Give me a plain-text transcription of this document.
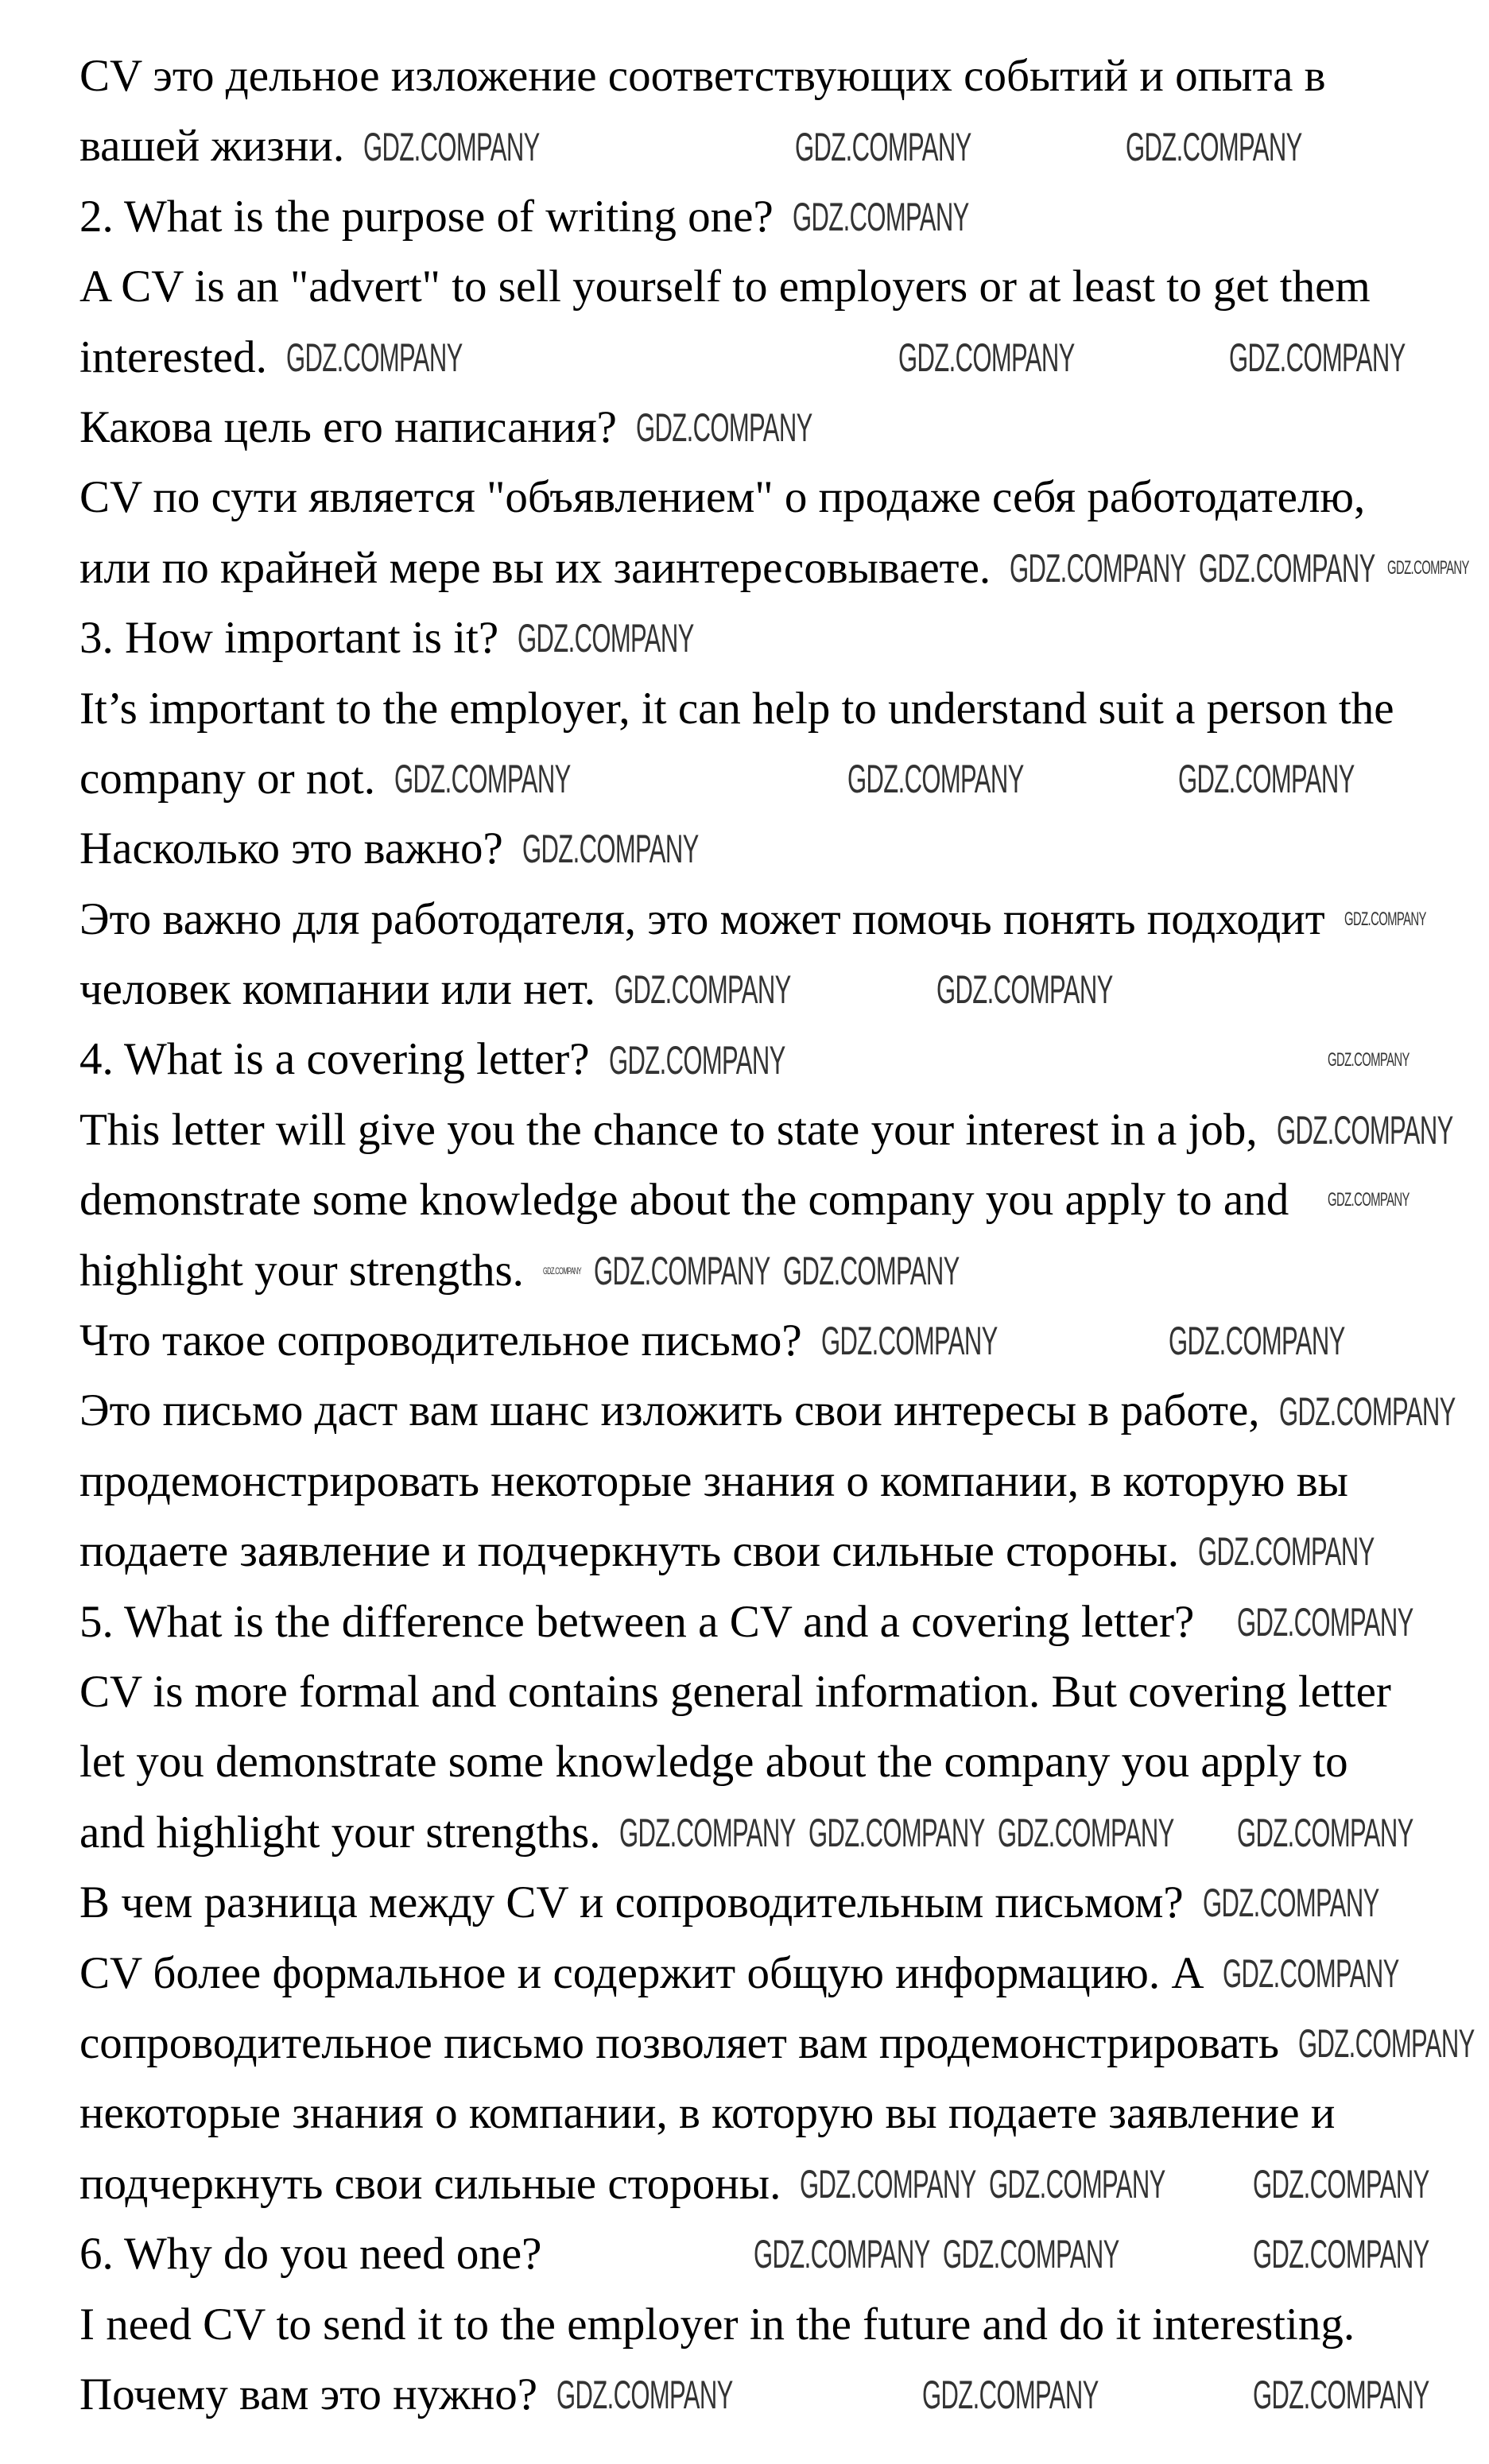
CV это дельное изложение соответствующих событий и опыта в
вашей жизни.
2. What is the purpose of writing one?
A CV is an "advert" to sell yourself to employers or at least to get them
interested.
Какова цель его написания?
CV по сути является "объявлением" о продаже себя работодателю,
или по крайней мере вы их заинтересовываете.
3. How important is it?
It’s important to the employer, it can help to understand suit a person the
company or not.
Насколько это важно?
Это важно для работодателя, это может помочь понять подходит
человек компании или нет.
4. What is a covering letter?
This letter will give you the chance to state your interest in a job,
demonstrate some knowledge about the company you apply to and
highlight your strengths.
Что такое сопроводительное письмо?
Это письмо даст вам шанс изложить свои интересы в работе,
продемонстрировать некоторые знания о компании, в которую вы
подаете заявление и подчеркнуть свои сильные стороны.
5. What is the difference between a CV and a covering letter?
CV is more formal and contains general information. But covering letter
let you demonstrate some knowledge about the company you apply to
and highlight your strengths.
В чем разница между CV и сопроводительным письмом?
CV более формальное и содержит общую информацию. А
сопроводительное письмо позволяет вам продемонстрировать
некоторые знания о компании, в которую вы подаете заявление и
подчеркнуть свои сильные стороны.
6. Why do you need one?
I need CV to send it to the employer in the future and do it interesting.
Почему вам это нужно?
GDZ.COMPANY	GDZ.COMPANY	GDZ.COMPANY
GDZ.COMPANY
GDZ.COMPANY	GDZ.COMPANY	GDZ.COMPANY
GDZ.COMPANY
GDZ.COMPANY GDZ.COMPANY GDZ.COMPANY
GDZ.COMPANY
GDZ.COMPANY
GDZ.COMPANY
GDZ.COMPANY
GDZ.COMPANY
GDZ.COMPANY
GDZ.COMPANY
GDZ.COMPANY
GDZ.COMPANY	GDZ.COMPANY
GDZ.COMPANY
GDZ.COMPANY
GDZ.COMPANY GDZ.COMPANY GDZ.COMPANY
GDZ.COMPANY
GDZ.COMPANY
GDZ.COMPANY
GDZ.COMPANY
GDZ.COMPANY
GDZ.COMPANY GDZ.COMPANY GDZ.COMPANY GDZ.COMPANY
GDZ.COMPANY
GDZ.COMPANY
GDZ.COMPANY
GDZ.COMPANY
GDZ.COMPANY GDZ.COMPANY
GDZ.COMPANY	GDZ.COMPANY
GDZ.COMPANY
GDZ.COMPANY
GDZ.COMPANY	GDZ.COMPANY
